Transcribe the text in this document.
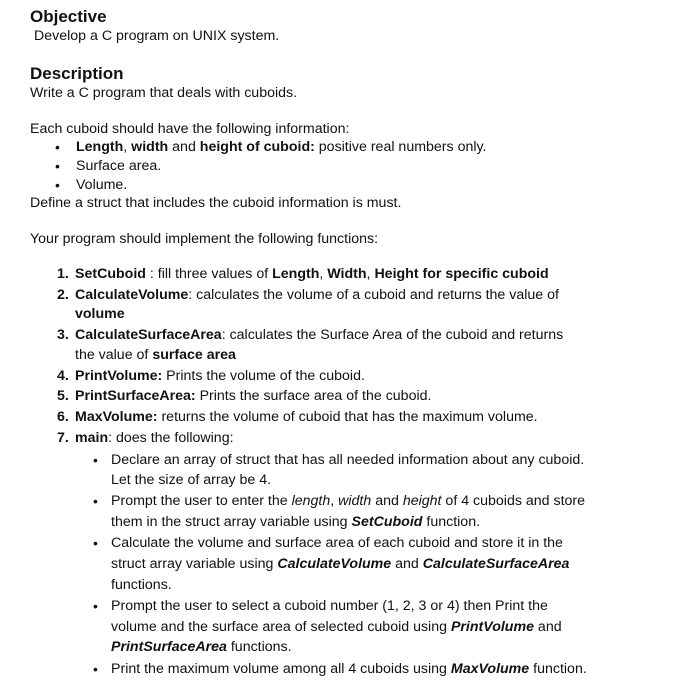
Objective
Develop a C program on UNIX system.
Description
Write a C program that deals with cuboids.
Each cuboid should have the following information:
• Length, width and height of cuboid: positive real numbers only.
• Surface area.
• Volume.
Define a struct that includes the cuboid information is must.
Your program should implement the following functions:
1. SetCuboid : fill three values of Length, Width, Height for specific cuboid
2. CalculateVolume: calculates the volume of a cuboid and returns the value of
volume
3. CalculateSurfaceArea: calculates the Surface Area of the cuboid and returns
the value of surface area
4. PrintVolume: Prints the volume of the cuboid.
5. PrintSurfaceArea: Prints the surface area of the cuboid.
6. MaxVolume: returns the volume of cuboid that has the maximum volume.
7. main: does the following:
• Declare an array of struct that has all needed information about any cuboid.
Let the size of array be 4.
• Prompt the user to enter the length, width and height of 4 cuboids and store
them in the struct array variable using SetCuboid function.
• Calculate the volume and surface area of each cuboid and store it in the
struct array variable using CalculateVolume and CalculateSurfaceArea
functions.
• Prompt the user to select a cuboid number (1, 2, 3 or 4) then Print the
volume and the surface area of selected cuboid using PrintVolume and
PrintSurfaceArea functions.
• Print the maximum volume among all 4 cuboids using MaxVolume function.
